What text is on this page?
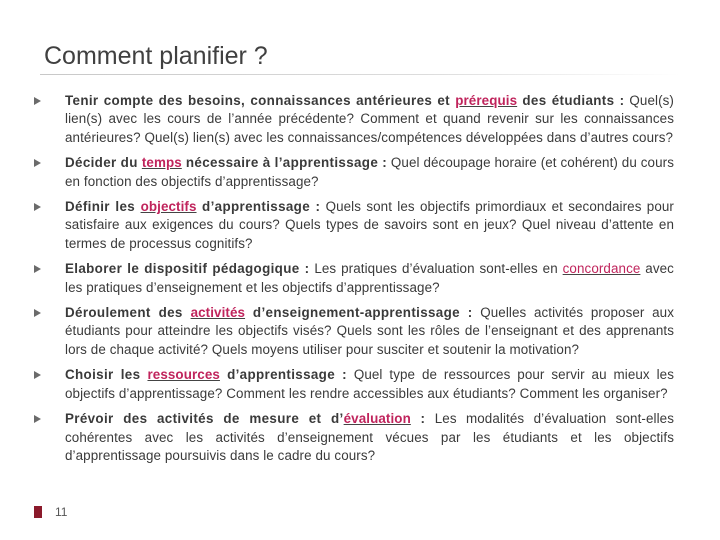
Comment planifier ?
Tenir compte des besoins, connaissances antérieures et prérequis des étudiants : Quel(s) lien(s) avec les cours de l’année précédente? Comment et quand revenir sur les connaissances antérieures? Quel(s) lien(s) avec les connaissances/compétences développées dans d’autres cours?
Décider du temps nécessaire à l’apprentissage : Quel découpage horaire (et cohérent) du cours en fonction des objectifs d’apprentissage?
Définir les objectifs d’apprentissage : Quels sont les objectifs primordiaux et secondaires pour satisfaire aux exigences du cours? Quels types de savoirs sont en jeux? Quel niveau d’attente en termes de processus cognitifs?
Elaborer le dispositif pédagogique : Les pratiques d’évaluation sont-elles en concordance avec les pratiques d’enseignement et les objectifs d’apprentissage?
Déroulement des activités d’enseignement-apprentissage : Quelles activités proposer aux étudiants pour atteindre les objectifs visés? Quels sont les rôles de l’enseignant et des apprenants lors de chaque activité? Quels moyens utiliser pour susciter et soutenir la motivation?
Choisir les ressources d’apprentissage : Quel type de ressources pour servir au mieux les objectifs d’apprentissage? Comment les rendre accessibles aux étudiants? Comment les organiser?
Prévoir des activités de mesure et d’évaluation : Les modalités d’évaluation sont-elles cohérentes avec les activités d’enseignement vécues par les étudiants et les objectifs d’apprentissage poursuivis dans le cadre du cours?
11
